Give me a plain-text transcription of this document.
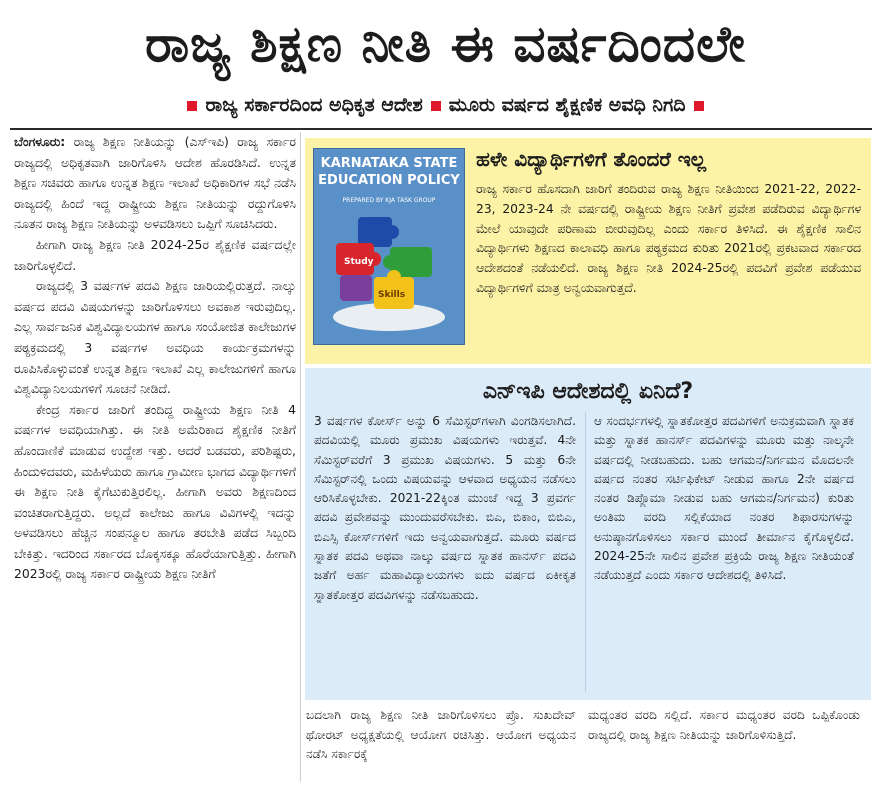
ರಾಜ್ಯ ಶಿಕ್ಷಣ ನೀತಿ ಈ ವರ್ಷದಿಂದಲೇ
ರಾಜ್ಯ ಸರ್ಕಾರದಿಂದ ಅಧಿಕೃತ ಆದೇಶ ಮೂರು ವರ್ಷದ ಶೈಕ್ಷಣಿಕ ಅವಧಿ ನಿಗದಿ

ಬೆಂಗಳೂರು: ರಾಜ್ಯ ಶಿಕ್ಷಣ ನೀತಿಯನ್ನು (ಎಸ್‌ಇಪಿ) ರಾಜ್ಯ ಸರ್ಕಾರ ರಾಜ್ಯದಲ್ಲಿ ಅಧಿಕೃತವಾಗಿ ಜಾರಿಗೊಳಿಸಿ ಆದೇಶ ಹೊರಡಿಸಿದೆ. ಉನ್ನತ ಶಿಕ್ಷಣ ಸಚಿವರು ಹಾಗೂ ಉನ್ನತ ಶಿಕ್ಷಣ ಇಲಾಖೆ ಅಧಿಕಾರಿಗಳ ಸಭೆ ನಡೆಸಿ ರಾಜ್ಯದಲ್ಲಿ ಹಿಂದೆ ಇದ್ದ ರಾಷ್ಟ್ರೀಯ ಶಿಕ್ಷಣ ನೀತಿಯನ್ನು ರದ್ದುಗೊಳಿಸಿ ನೂತನ ರಾಜ್ಯ ಶಿಕ್ಷಣ ನೀತಿಯನ್ನು ಅಳವಡಿಸಲು ಒಪ್ಪಿಗೆ ಸೂಚಿಸಿದರು.

ಹೀಗಾಗಿ ರಾಜ್ಯ ಶಿಕ್ಷಣ ನೀತಿ 2024-25ರ ಶೈಕ್ಷಣಿಕ ವರ್ಷದಲ್ಲೇ ಜಾರಿಗೊಳ್ಳಲಿದೆ.

ರಾಜ್ಯದಲ್ಲಿ 3 ವರ್ಷಗಳ ಪದವಿ ಶಿಕ್ಷಣ ಜಾರಿಯಲ್ಲಿರುತ್ತದೆ. ನಾಲ್ಕು ವರ್ಷದ ಪದವಿ ವಿಷಯಗಳನ್ನು ಜಾರಿಗೊಳಿಸಲು ಅವಕಾಶ ಇರುವುದಿಲ್ಲ. ಎಲ್ಲ ಸಾರ್ವಜನಿಕ ವಿಶ್ವವಿದ್ಯಾಲಯಗಳ ಹಾಗೂ ಸಂಯೋಜಿತ ಕಾಲೇಜುಗಳ ಪಠ್ಯಕ್ರಮದಲ್ಲಿ 3 ವರ್ಷಗಳ ಅವಧಿಯ ಕಾರ್ಯಕ್ರಮಗಳನ್ನು ರೂಪಿಸಿಕೊಳ್ಳುವಂತೆ ಉನ್ನತ ಶಿಕ್ಷಣ ಇಲಾಖೆ ಎಲ್ಲ ಕಾಲೇಜುಗಳಿಗೆ ಹಾಗೂ ವಿಶ್ವವಿದ್ಯಾನಿಲಯಗಳಿಗೆ ಸೂಚನೆ ನೀಡಿದೆ.

ಕೇಂದ್ರ ಸರ್ಕಾರ ಜಾರಿಗೆ ತಂದಿದ್ದ ರಾಷ್ಟ್ರೀಯ ಶಿಕ್ಷಣ ನೀತಿ 4 ವರ್ಷಗಳ ಅವಧಿಯಾಗಿತ್ತು. ಈ ನೀತಿ ಅಮೆರಿಕಾದ ಶೈಕ್ಷಣಿಕ ನೀತಿಗೆ ಹೊಂದಾಣಿಕೆ ಮಾಡುವ ಉದ್ದೇಶ ಇತ್ತು. ಆದರೆ ಬಡವರು, ಪರಿಶಿಷ್ಟರು, ಹಿಂದುಳಿದವರು, ಮಹಿಳೆಯರು ಹಾಗೂ ಗ್ರಾಮೀಣ ಭಾಗದ ವಿದ್ಯಾರ್ಥಿಗಳಿಗೆ ಈ ಶಿಕ್ಷಣ ನೀತಿ ಕೈಗೆಟುಕುತ್ತಿರಲಿಲ್ಲ. ಹೀಗಾಗಿ ಅವರು ಶಿಕ್ಷಣದಿಂದ ವಂಚಿತರಾಗುತ್ತಿದ್ದರು. ಅಲ್ಲದೆ ಕಾಲೇಜು ಹಾಗೂ ವಿವಿಗಳಲ್ಲಿ ಇದನ್ನು ಅಳವಡಿಸಲು ಹೆಚ್ಚಿನ ಸಂಪನ್ಮೂಲ ಹಾಗೂ ತರಬೇತಿ ಪಡೆದ ಸಿಬ್ಬಂದಿ ಬೇಕಿತ್ತು. ಇದರಿಂದ ಸರ್ಕಾರದ ಬೊಕ್ಕಸಕ್ಕೂ ಹೊರೆಯಾಗುತ್ತಿತ್ತು. ಹೀಗಾಗಿ 2023ರಲ್ಲಿ ರಾಜ್ಯ ಸರ್ಕಾರ ರಾಷ್ಟ್ರೀಯ ಶಿಕ್ಷಣ ನೀತಿಗೆ

KARNATAKA STATE EDUCATION POLICY
PREPARED BY KJA TASK GROUP
Study
Skills
ಹಳೇ ವಿದ್ಯಾರ್ಥಿಗಳಿಗೆ ತೊಂದರೆ ಇಲ್ಲ
ರಾಜ್ಯ ಸರ್ಕಾರ ಹೊಸದಾಗಿ ಜಾರಿಗೆ ತಂದಿರುವ ರಾಜ್ಯ ಶಿಕ್ಷಣ ನೀತಿಯಿಂದ 2021-22, 2022-23, 2023-24 ನೇ ವರ್ಷದಲ್ಲಿ ರಾಷ್ಟ್ರೀಯ ಶಿಕ್ಷಣ ನೀತಿಗೆ ಪ್ರವೇಶ ಪಡೆದಿರುವ ವಿದ್ಯಾರ್ಥಿಗಳ ಮೇಲೆ ಯಾವುದೇ ಪರಿಣಾಮ ಬೀರುವುದಿಲ್ಲ ಎಂದು ಸರ್ಕಾರ ತಿಳಿಸಿದೆ. ಈ ಶೈಕ್ಷಣಿಕ ಸಾಲಿನ ವಿದ್ಯಾರ್ಥಿಗಳು ಶಿಕ್ಷಣದ ಕಾಲಾವಧಿ ಹಾಗೂ ಪಠ್ಯಕ್ರಮದ ಕುರಿತು 2021ರಲ್ಲಿ ಪ್ರಕಟವಾದ ಸರ್ಕಾರದ ಆದೇಶದಂತೆ ನಡೆಯಲಿದೆ. ರಾಜ್ಯ ಶಿಕ್ಷಣ ನೀತಿ 2024-25ರಲ್ಲಿ ಪದವಿಗೆ ಪ್ರವೇಶ ಪಡೆಯುವ ವಿದ್ಯಾರ್ಥಿಗಳಿಗೆ ಮಾತ್ರ ಅನ್ವಯವಾಗುತ್ತದೆ.
ಎನ್‌ಇಪಿ ಆದೇಶದಲ್ಲಿ ಏನಿದೆ?
3 ವರ್ಷಗಳ ಕೋರ್ಸ್ ಅನ್ನು 6 ಸೆಮಿಸ್ಟರ್‌ಗಳಾಗಿ ವಿಂಗಡಿಸಲಾಗಿದೆ. ಪದವಿಯಲ್ಲಿ ಮೂರು ಪ್ರಮುಖ ವಿಷಯಗಳು ಇರುತ್ತವೆ. 4ನೇ ಸೆಮಿಸ್ಟರ್‌ವರೆಗೆ 3 ಪ್ರಮುಖ ವಿಷಯಗಳು. 5 ಮತ್ತು 6ನೇ ಸೆಮಿಸ್ಟರ್‌ನಲ್ಲಿ ಒಂದು ವಿಷಯವನ್ನು ಆಳವಾದ ಅಧ್ಯಯನ ನಡೆಸಲು ಆರಿಸಿಕೊಳ್ಳಬೇಕು. 2021-22ಕ್ಕಿಂತ ಮುಂಚೆ ಇದ್ದ 3 ಪ್ರವರ್ಗ ಪದವಿ ಪ್ರವೇಶವನ್ನು ಮುಂದುವರೆಸಬೇಕು. ಬಿಎ, ಬಿಕಾಂ, ಬಿಬಿಎ, ಬಿಎಸ್ಸಿ ಕೋರ್ಸ್‌ಗಳಿಗೆ ಇದು ಅನ್ವಯವಾಗುತ್ತದೆ. ಮೂರು ವರ್ಷದ ಸ್ನಾತಕ ಪದವಿ ಅಥವಾ ನಾಲ್ಕು ವರ್ಷದ ಸ್ನಾತಕ ಹಾನರ್ಸ್ ಪದವಿ ಜತೆಗೆ ಅರ್ಹ ಮಹಾವಿದ್ಯಾಲಯಗಳು ಐದು ವರ್ಷದ ಏಕೀಕೃತ ಸ್ನಾತಕೋತ್ತರ ಪದವಿಗಳನ್ನು ನಡೆಸಬಹುದು.
ಆ ಸಂದರ್ಭಗಳಲ್ಲಿ ಸ್ನಾತಕೋತ್ತರ ಪದವಿಗಳಿಗೆ ಅನುಕ್ರಮವಾಗಿ ಸ್ನಾತಕ ಮತ್ತು ಸ್ನಾತಕ ಹಾನರ್ಸ್ ಪದವಿಗಳನ್ನು ಮೂರು ಮತ್ತು ನಾಲ್ಕನೇ ವರ್ಷದಲ್ಲಿ ನೀಡಬಹುದು. ಬಹು ಆಗಮನ/ನಿರ್ಗಮನ ಮೊದಲನೇ ವರ್ಷದ ನಂತರ ಸರ್ಟಿಫಿಕೇಟ್ ನೀಡುವ ಹಾಗೂ 2ನೇ ವರ್ಷದ ನಂತರ ಡಿಪ್ಲೊಮಾ ನೀಡುವ ಬಹು ಆಗಮನ/ನಿರ್ಗಮನ) ಕುರಿತು ಅಂತಿಮ ವರದಿ ಸಲ್ಲಿಕೆಯಾದ ನಂತರ ಶಿಫಾರಸುಗಳನ್ನು ಅನುಷ್ಠಾನಗೊಳಿಸಲು ಸರ್ಕಾರ ಮುಂದೆ ತೀರ್ಮಾನ ಕೈಗೊಳ್ಳಲಿದೆ. 2024-25ನೇ ಸಾಲಿನ ಪ್ರವೇಶ ಪ್ರಕ್ರಿಯೆ ರಾಜ್ಯ ಶಿಕ್ಷಣ ನೀತಿಯಂತೆ ನಡೆಯುತ್ತದೆ ಎಂದು ಸರ್ಕಾರ ಆದೇಶದಲ್ಲಿ ತಿಳಿಸಿದೆ.
ಬದಲಾಗಿ ರಾಜ್ಯ ಶಿಕ್ಷಣ ನೀತಿ ಜಾರಿಗೊಳಿಸಲು ಪ್ರೊ. ಸುಖದೇವ್ ಥೋರಟ್ ಅಧ್ಯಕ್ಷತೆಯಲ್ಲಿ ಆಯೋಗ ರಚಿಸಿತ್ತು. ಆಯೋಗ ಅಧ್ಯಯನ ನಡೆಸಿ ಸರ್ಕಾರಕ್ಕೆ
ಮಧ್ಯಂತರ ವರದಿ ಸಲ್ಲಿದೆ. ಸರ್ಕಾರ ಮಧ್ಯಂತರ ವರದಿ ಒಪ್ಪಿಕೊಂಡು ರಾಜ್ಯದಲ್ಲಿ ರಾಜ್ಯ ಶಿಕ್ಷಣ ನೀತಿಯನ್ನು ಜಾರಿಗೊಳಿಸುತ್ತಿದೆ.
